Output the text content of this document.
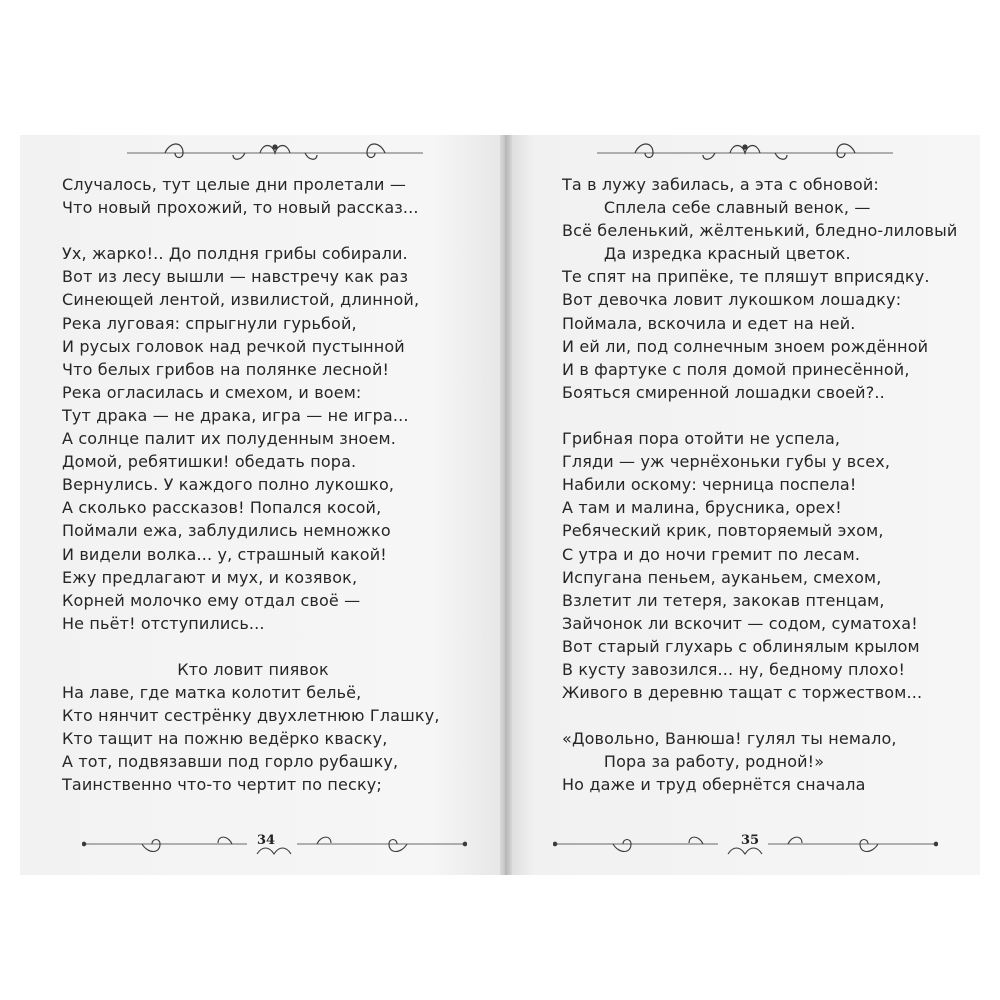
Случалось, тут целые дни пролетали —
Что новый прохожий, то новый рассказ...
Ух, жарко!.. До полдня грибы собирали.
Вот из лесу вышли — навстречу как раз
Синеющей лентой, извилистой, длинной,
Река луговая: спрыгнули гурьбой,
И русых головок над речкой пустынной
Что белых грибов на полянке лесной!
Река огласилась и смехом, и воем:
Тут драка — не драка, игра — не игра...
А солнце палит их полуденным зноем.
Домой, ребятишки! обедать пора.
Вернулись. У каждого полно лукошко,
А сколько рассказов! Попался косой,
Поймали ежа, заблудились немножко
И видели волка... у, страшный какой!
Ежу предлагают и мух, и козявок,
Корней молочко ему отдал своё —
Не пьёт! отступились...
Кто ловит пиявок
На лаве, где матка колотит бельё,
Кто нянчит сестрёнку двухлетнюю Глашку,
Кто тащит на пожню ведёрко кваску,
А тот, подвязавши под горло рубашку,
Таинственно что-то чертит по песку;
34
Та в лужу забилась, а эта с обновой:
Сплела себе славный венок, —
Всё беленький, жёлтенький, бледно-лиловый
Да изредка красный цветок.
Те спят на припёке, те пляшут вприсядку.
Вот девочка ловит лукошком лошадку:
Поймала, вскочила и едет на ней.
И ей ли, под солнечным зноем рождённой
И в фартуке с поля домой принесённой,
Бояться смиренной лошадки своей?..
Грибная пора отойти не успела,
Гляди — уж чернёхоньки губы у всех,
Набили оскому: черница поспела!
А там и малина, брусника, орех!
Ребяческий крик, повторяемый эхом,
С утра и до ночи гремит по лесам.
Испугана пеньем, ауканьем, смехом,
Взлетит ли тетеря, закокав птенцам,
Зайчонок ли вскочит — содом, суматоха!
Вот старый глухарь с облинялым крылом
В кусту завозился... ну, бедному плохо!
Живого в деревню тащат с торжеством...
«Довольно, Ванюша! гулял ты немало,
Пора за работу, родной!»
Но даже и труд обернётся сначала
35
